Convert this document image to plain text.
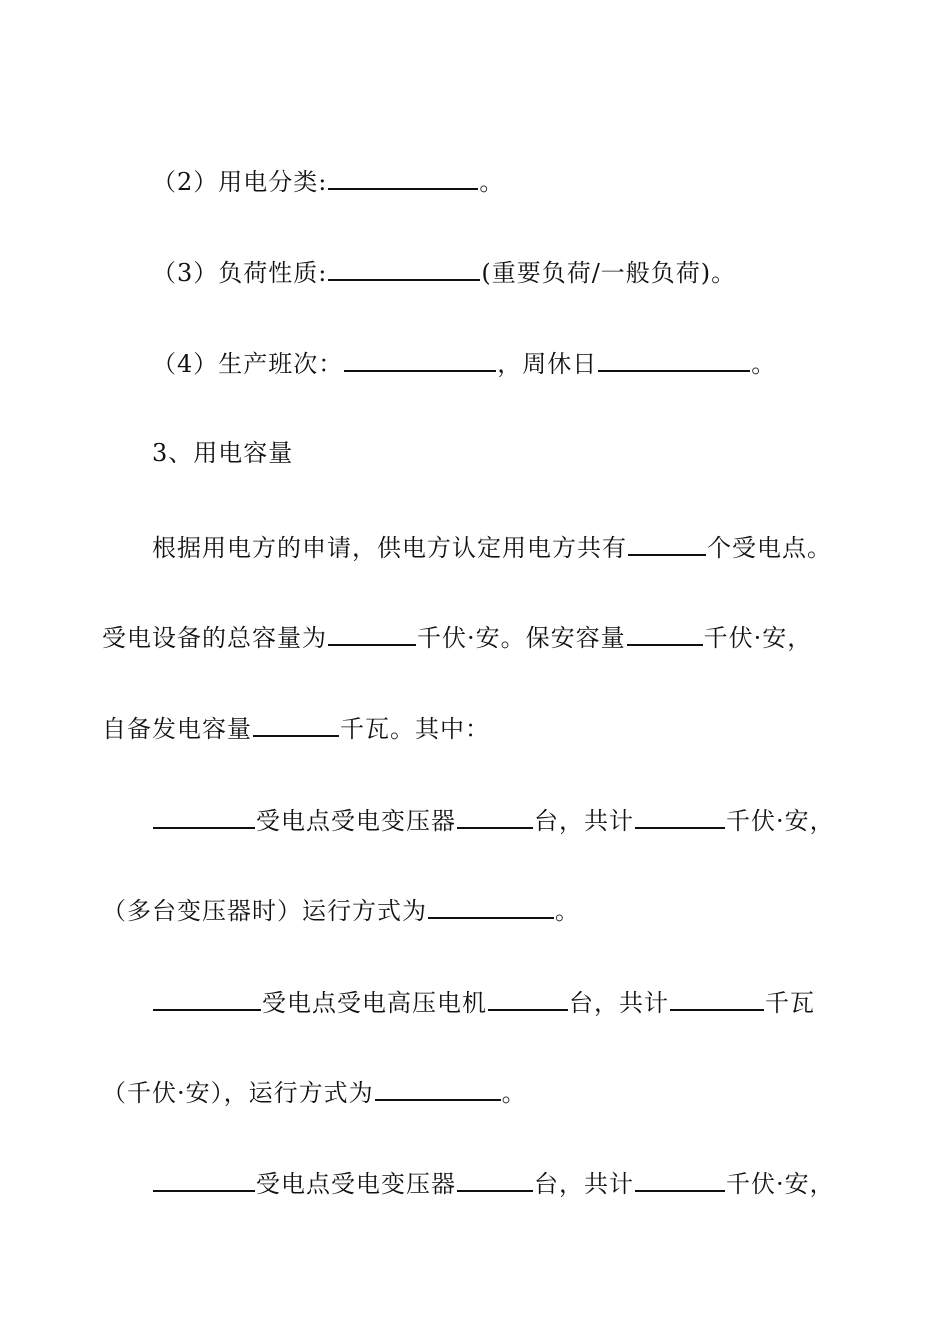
（2）用电分类:	。
（3）负荷性质:	(重要负荷/一般负荷)。
（4）生产班次：	，周休日	。
3、用电容量
根据用电方的申请，供电方认定用电方共有	个受电点。
受电设备的总容量为	千伏·安。保安容量	千伏·安，
自备发电容量	千瓦。其中：
受电点受电变压器	台，共计	千伏·安，
（多台变压器时）运行方式为	。
受电点受电高压电机	台，共计	千瓦
（千伏·安），运行方式为	。
受电点受电变压器	台，共计	千伏·安，
